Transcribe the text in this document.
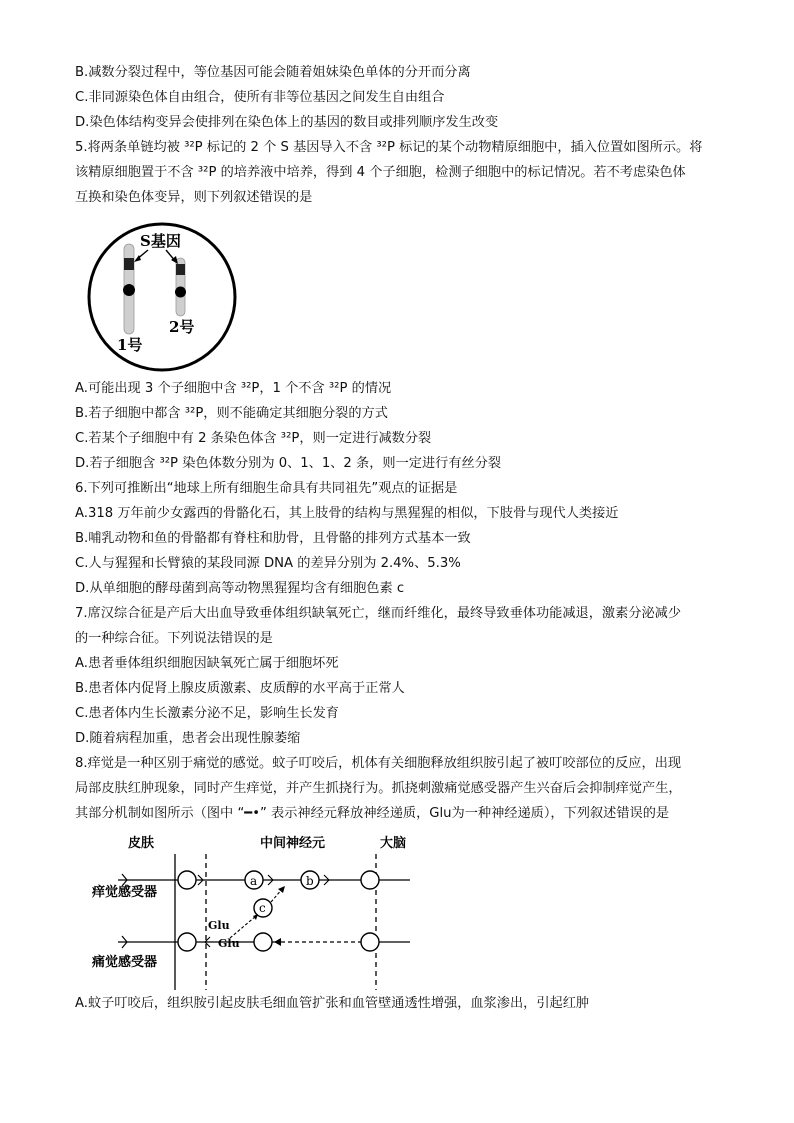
B.减数分裂过程中，等位基因可能会随着姐妹染色单体的分开而分离
C.非同源染色体自由组合，使所有非等位基因之间发生自由组合
D.染色体结构变异会使排列在染色体上的基因的数目或排列顺序发生改变
5.将两条单链均被 ³²P 标记的 2 个 S 基因导入不含 ³²P 标记的某个动物精原细胞中，插入位置如图所示。将
该精原细胞置于不含 ³²P 的培养液中培养，得到 4 个子细胞，检测子细胞中的标记情况。若不考虑染色体
互换和染色体变异，则下列叙述错误的是
S基因
1号
2号
A.可能出现 3 个子细胞中含 ³²P，1 个不含 ³²P 的情况
B.若子细胞中都含 ³²P，则不能确定其细胞分裂的方式
C.若某个子细胞中有 2 条染色体含 ³²P，则一定进行减数分裂
D.若子细胞含 ³²P 染色体数分别为 0、1、1、2 条，则一定进行有丝分裂
6.下列可推断出“地球上所有细胞生命具有共同祖先”观点的证据是
A.318 万年前少女露西的骨骼化石，其上肢骨的结构与黑猩猩的相似，下肢骨与现代人类接近
B.哺乳动物和鱼的骨骼都有脊柱和肋骨，且骨骼的排列方式基本一致
C.人与猩猩和长臂猿的某段同源 DNA 的差异分别为 2.4%、5.3%
D.从单细胞的酵母菌到高等动物黑猩猩均含有细胞色素 c
7.席汉综合征是产后大出血导致垂体组织缺氧死亡，继而纤维化，最终导致垂体功能减退，激素分泌减少
的一种综合征。下列说法错误的是
A.患者垂体组织细胞因缺氧死亡属于细胞坏死
B.患者体内促肾上腺皮质激素、皮质醇的水平高于正常人
C.患者体内生长激素分泌不足，影响生长发育
D.随着病程加重，患者会出现性腺萎缩
8.痒觉是一种区别于痛觉的感觉。蚊子叮咬后，机体有关细胞释放组织胺引起了被叮咬部位的反应，出现
局部皮肤红肿现象，同时产生痒觉，并产生抓挠行为。抓挠刺激痛觉感受器产生兴奋后会抑制痒觉产生，
其部分机制如图所示（图中 “━•” 表示神经元释放神经递质，Glu为一种神经递质），下列叙述错误的是
皮肤	中间神经元	大脑
痒觉感受器
痛觉感受器
a	b
c
Glu
Glu
A.蚊子叮咬后，组织胺引起皮肤毛细血管扩张和血管壁通透性增强，血浆渗出，引起红肿
